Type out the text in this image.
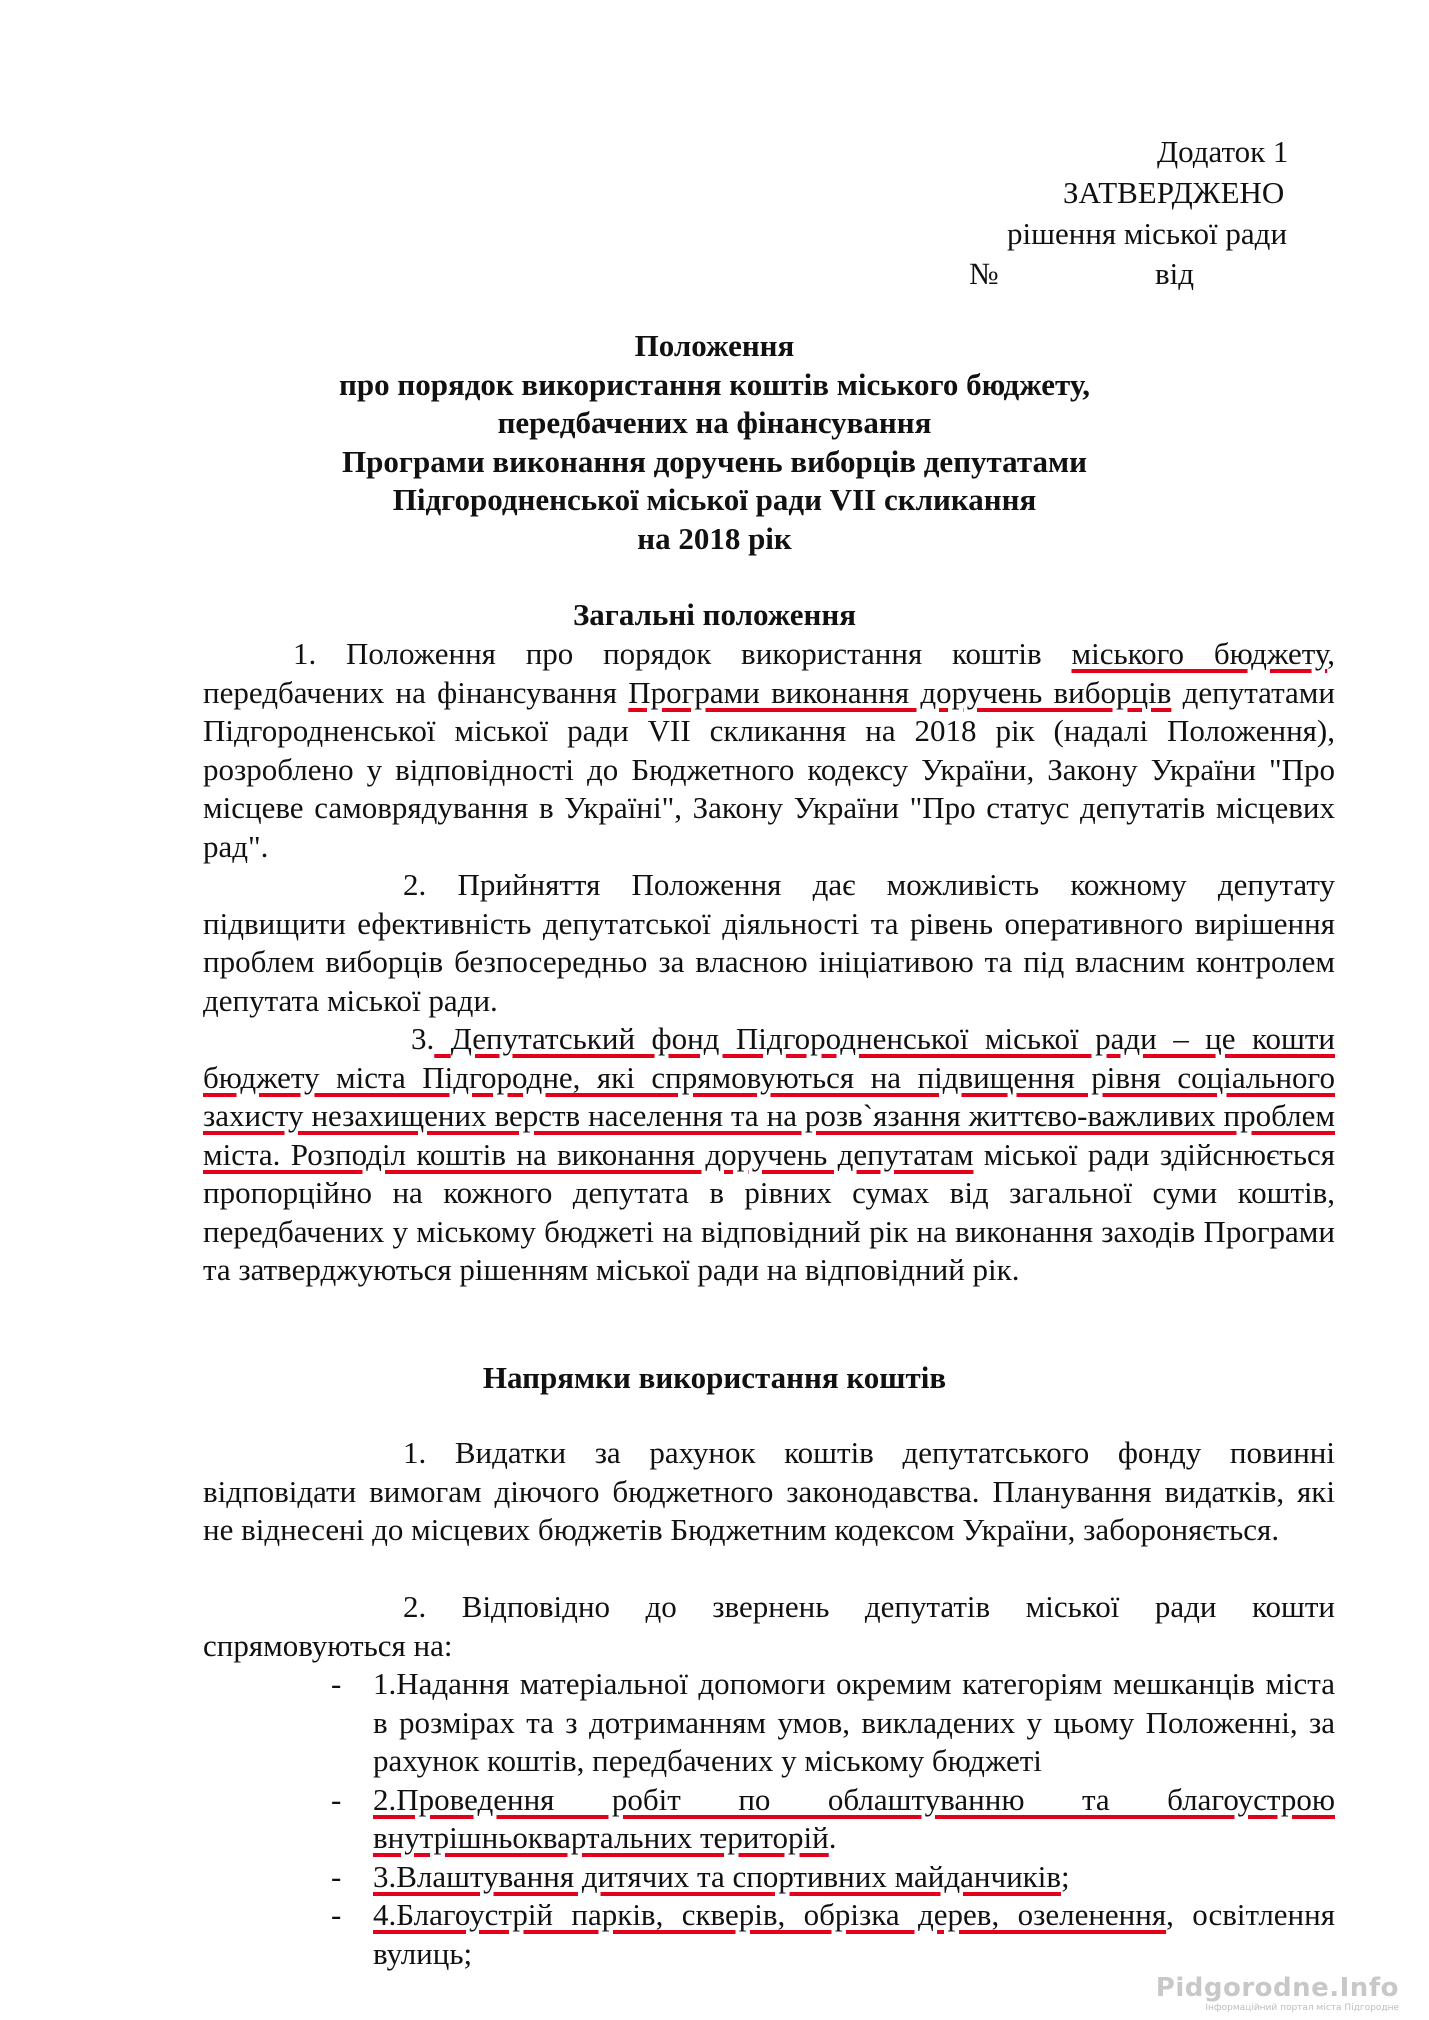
Додаток 1
ЗАТВЕРДЖЕНО
рішення міської ради
№	від
Положення
про порядок використання коштів міського бюджету,
передбачених на фінансування
Програми виконання доручень виборців депутатами
Підгородненської міської ради VII скликання
на 2018 рік
Загальні положення
1. Положення про порядок використання коштів міського бюджету, передбачених на фінансування Програми виконання доручень виборців депутатами Підгородненської міської ради VII скликання на 2018 рік (надалі Положення), розроблено у відповідності до Бюджетного кодексу України, Закону України "Про місцеве самоврядування в Україні", Закону України "Про статус депутатів місцевих рад".
2. Прийняття Положення дає можливість кожному депутату підвищити ефективність депутатської діяльності та рівень оперативного вирішення проблем виборців безпосередньо за власною ініціативою та під власним контролем депутата міської ради.
3. Депутатський фонд Підгородненської міської ради – це кошти бюджету міста Підгородне, які спрямовуються на підвищення рівня соціального захисту незахищених верств населення та на розв`язання життєво-важливих проблем міста. Розподіл коштів на виконання доручень депутатам міської ради здійснюється пропорційно на кожного депутата в рівних сумах від загальної суми коштів, передбачених у міському бюджеті на відповідний рік на виконання заходів Програми та затверджуються рішенням міської ради на відповідний рік.
Напрямки використання коштів
1. Видатки за рахунок коштів депутатського фонду повинні відповідати вимогам діючого бюджетного законодавства. Планування видатків, які не віднесені до місцевих бюджетів Бюджетним кодексом України, забороняється.
2. Відповідно до звернень депутатів міської ради кошти спрямовуються на:
- 1.Надання матеріальної допомоги окремим категоріям мешканців міста в розмірах та з дотриманням умов, викладених у цьому Положенні, за рахунок коштів, передбачених у міському бюджеті
- 2.Проведення робіт по облаштуванню та благоустрою внутрішньоквартальних територій.
- 3.Влаштування дитячих та спортивних майданчиків;
- 4.Благоустрій парків, скверів, обрізка дерев, озеленення, освітлення вулиць;
Pidgorodne.Info
Інформаційний портал міста Підгородне
